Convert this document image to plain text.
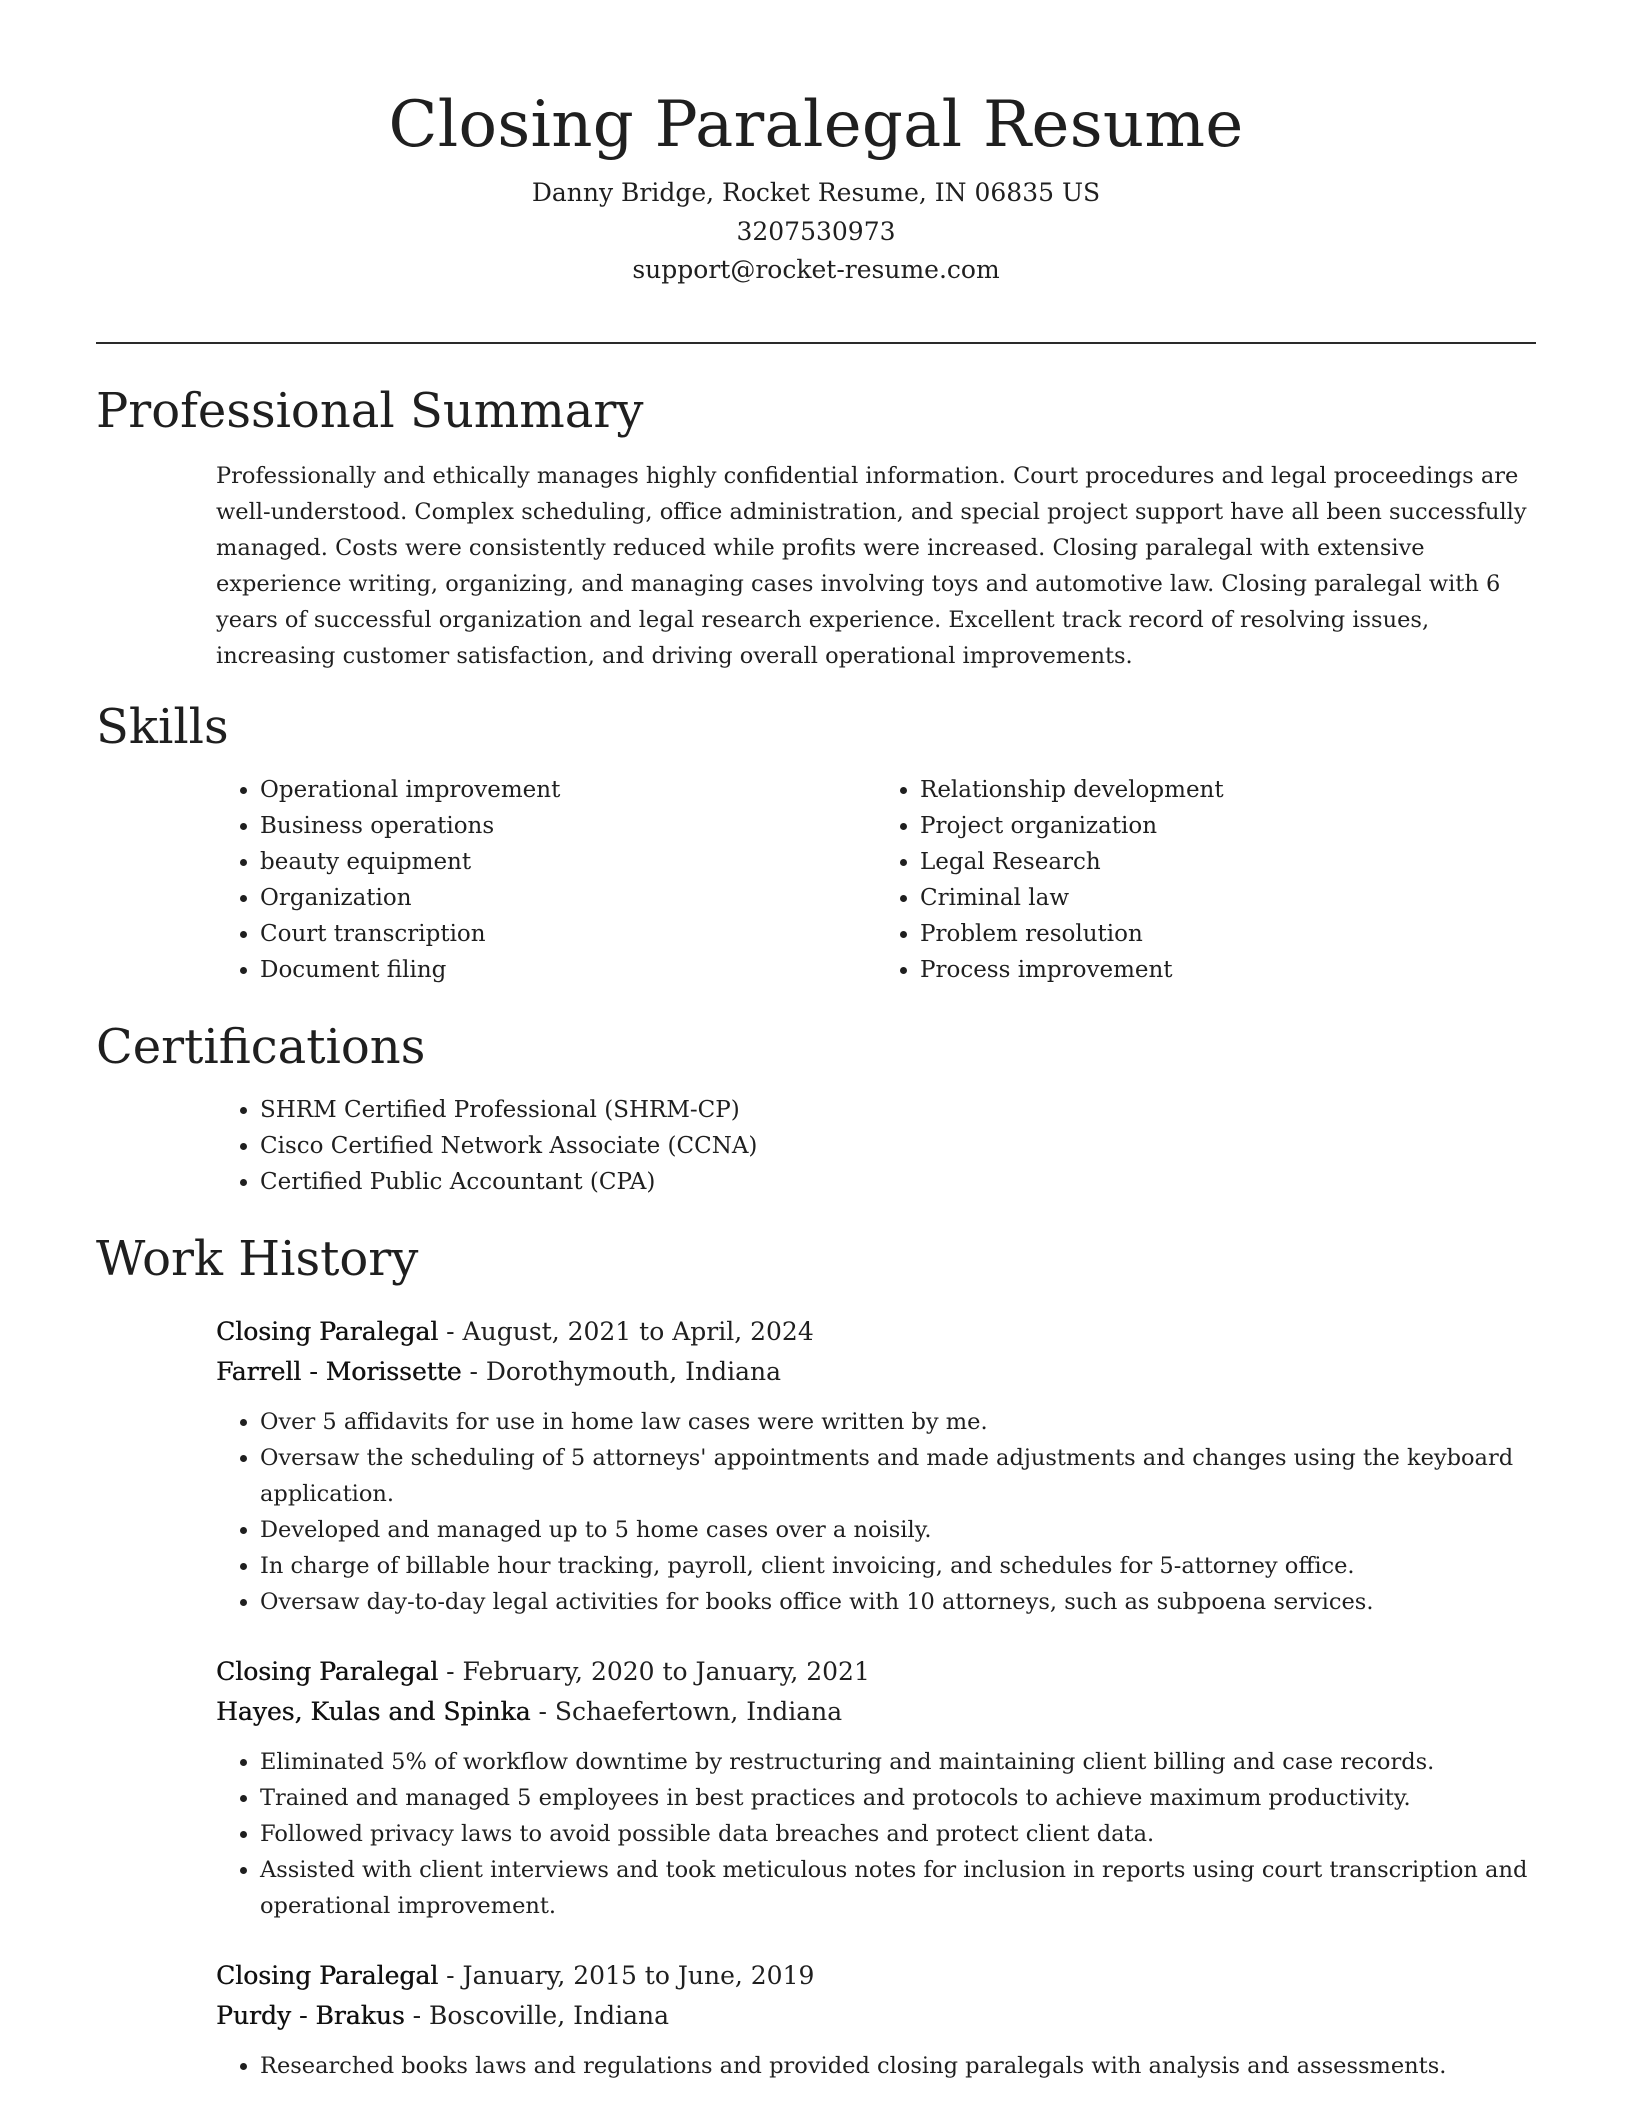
Closing Paralegal Resume
Danny Bridge, Rocket Resume, IN 06835 US
3207530973
support@rocket-resume.com
Professional Summary

Professionally and ethically manages highly confidential information. Court procedures and legal proceedings are well-understood. Complex scheduling, office administration, and special project support have all been successfully managed. Costs were consistently reduced while profits were increased. Closing paralegal with extensive experience writing, organizing, and managing cases involving toys and automotive law. Closing paralegal with 6 years of successful organization and legal research experience. Excellent track record of resolving issues, increasing customer satisfaction, and driving overall operational improvements.

Skills
• Operational improvement
• Business operations
• beauty equipment
• Organization
• Court transcription
• Document filing
• Relationship development
• Project organization
• Legal Research
• Criminal law
• Problem resolution
• Process improvement
Certifications
• SHRM Certified Professional (SHRM-CP)
• Cisco Certified Network Associate (CCNA)
• Certified Public Accountant (CPA)
Work History
Closing Paralegal - August, 2021 to April, 2024
Farrell - Morissette - Dorothymouth, Indiana
• Over 5 affidavits for use in home law cases were written by me.
• Oversaw the scheduling of 5 attorneys' appointments and made adjustments and changes using the keyboard application.
• Developed and managed up to 5 home cases over a noisily.
• In charge of billable hour tracking, payroll, client invoicing, and schedules for 5-attorney office.
• Oversaw day-to-day legal activities for books office with 10 attorneys, such as subpoena services.
Closing Paralegal - February, 2020 to January, 2021
Hayes, Kulas and Spinka - Schaefertown, Indiana
• Eliminated 5% of workflow downtime by restructuring and maintaining client billing and case records.
• Trained and managed 5 employees in best practices and protocols to achieve maximum productivity.
• Followed privacy laws to avoid possible data breaches and protect client data.
• Assisted with client interviews and took meticulous notes for inclusion in reports using court transcription and operational improvement.
Closing Paralegal - January, 2015 to June, 2019
Purdy - Brakus - Boscoville, Indiana
• Researched books laws and regulations and provided closing paralegals with analysis and assessments.
